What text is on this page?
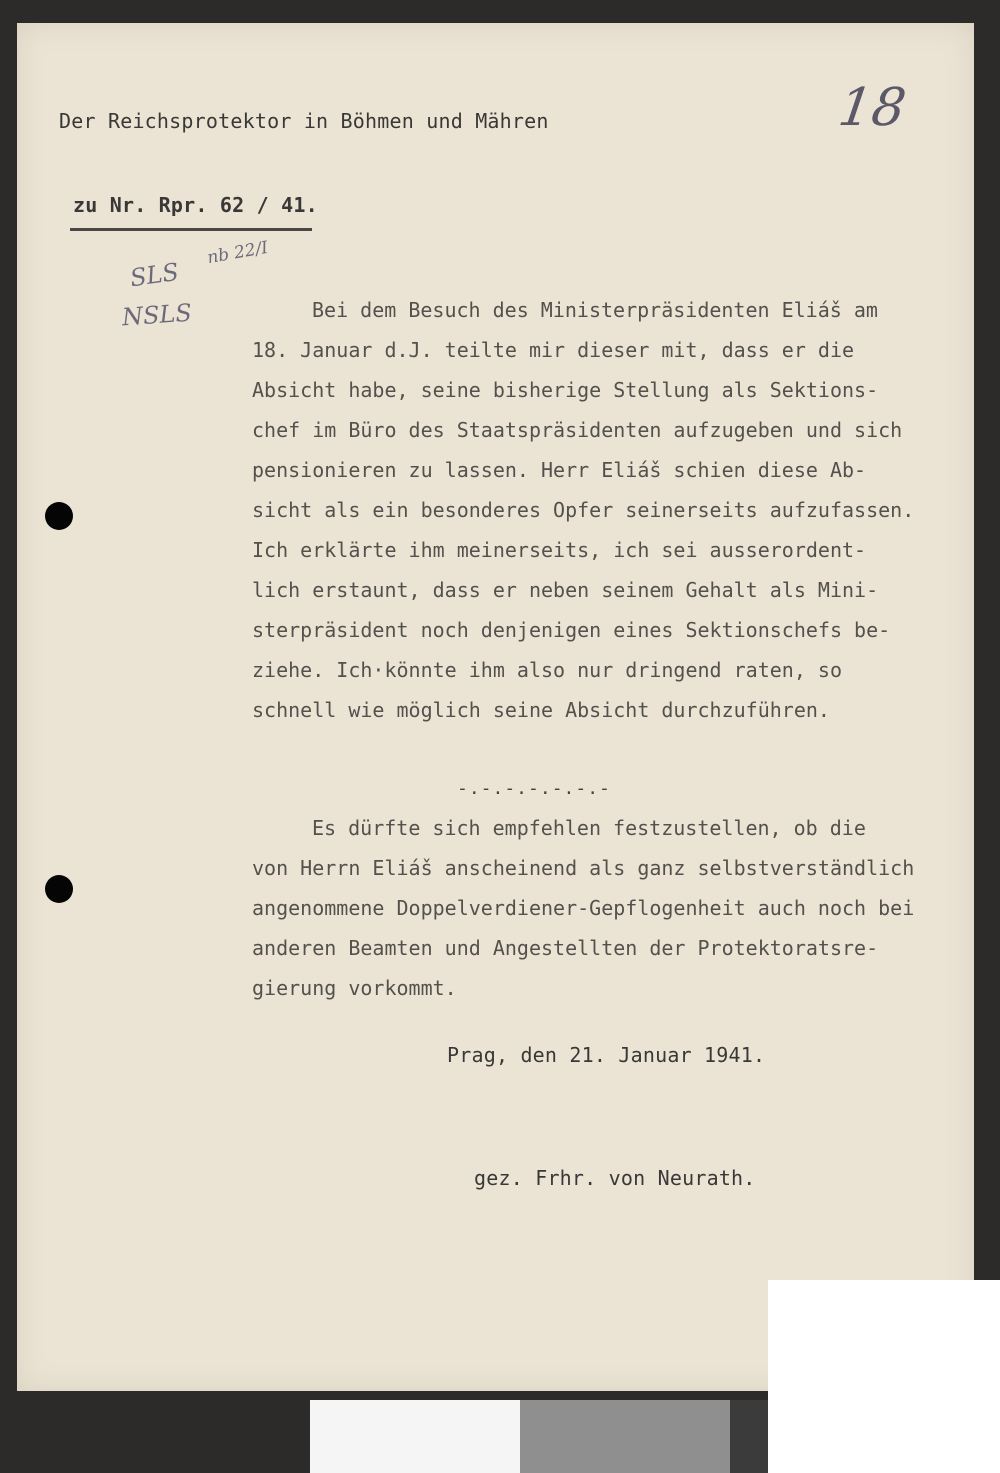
18
Der Reichsprotektor in Böhmen und Mähren
zu Nr. Rpr. 62 / 41.
SLS
nb 22/I
NSLS	Bei dem Besuch des Ministerpräsidenten Eliáš am
18. Januar d.J. teilte mir dieser mit, dass er die
Absicht habe, seine bisherige Stellung als Sektions-
chef im Büro des Staatspräsidenten aufzugeben und sich
pensionieren zu lassen. Herr Eliáš schien diese Ab-
sicht als ein besonderes Opfer seinerseits aufzufassen.
Ich erklärte ihm meinerseits, ich sei ausserordent-
lich erstaunt, dass er neben seinem Gehalt als Mini-
sterpräsident noch denjenigen eines Sektionschefs be-
ziehe. Ich·könnte ihm also nur dringend raten, so
schnell wie möglich seine Absicht durchzuführen.
-.-.-.-.-.-.-
Es dürfte sich empfehlen festzustellen, ob die
von Herrn Eliáš anscheinend als ganz selbstverständlich
angenommene Doppelverdiener-Gepflogenheit auch noch bei
anderen Beamten und Angestellten der Protektoratsre-
gierung vorkommt.
Prag, den 21. Januar 1941.
gez. Frhr. von Neurath.
